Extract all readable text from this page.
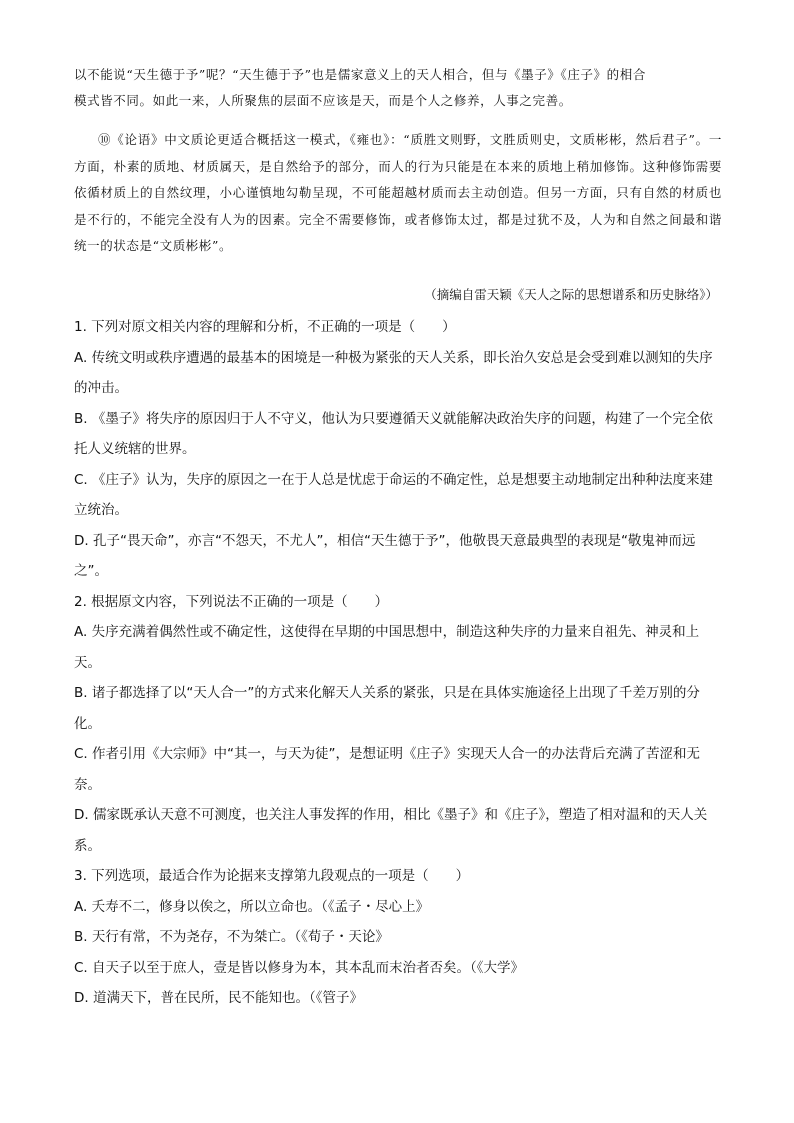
以不能说“天生德于予”呢？“天生德于予”也是儒家意义上的天人相合，但与《墨子》《庄子》的相合

模式皆不同。如此一来，人所聚焦的层面不应该是天，而是个人之修养，人事之完善。

⑩《论语》中文质论更适合概括这一模式，《雍也》：“质胜文则野，文胜质则史，文质彬彬，然后君子”。一方面，朴素的质地、材质属天，是自然给予的部分，而人的行为只能是在本来的质地上稍加修饰。这种修饰需要依循材质上的自然纹理，小心谨慎地勾勒呈现，不可能超越材质而去主动创造。但另一方面，只有自然的材质也是不行的，不能完全没有人为的因素。完全不需要修饰，或者修饰太过，都是过犹不及，人为和自然之间最和谐统一的状态是“文质彬彬”。

（摘编自雷天颖《天人之际的思想谱系和历史脉络》）

1. 下列对原文相关内容的理解和分析，不正确的一项是（　　）

A. 传统文明或秩序遭遇的最基本的困境是一种极为紧张的天人关系，即长治久安总是会受到难以测知的失序的冲击。

B. 《墨子》将失序的原因归于人不守义，他认为只要遵循天义就能解决政治失序的问题，构建了一个完全依托人义统辖的世界。

C. 《庄子》认为，失序的原因之一在于人总是忧虑于命运的不确定性，总是想要主动地制定出种种法度来建立统治。

D. 孔子“畏天命”，亦言“不怨天，不尤人”，相信“天生德于予”，他敬畏天意最典型的表现是“敬鬼神而远之”。

2. 根据原文内容，下列说法不正确的一项是（　　）

A. 失序充满着偶然性或不确定性，这使得在早期的中国思想中，制造这种失序的力量来自祖先、神灵和上天。

B. 诸子都选择了以“天人合一”的方式来化解天人关系的紧张，只是在具体实施途径上出现了千差万别的分化。

C. 作者引用《大宗师》中“其一，与天为徒”，是想证明《庄子》实现天人合一的办法背后充满了苦涩和无奈。

D. 儒家既承认天意不可测度，也关注人事发挥的作用，相比《墨子》和《庄子》，塑造了相对温和的天人关系。

3. 下列选项，最适合作为论据来支撑第九段观点的一项是（　　）

A. 夭寿不二，修身以俟之，所以立命也。（《孟子・尽心上》

B. 天行有常，不为尧存，不为桀亡。（《荀子・天论》

C. 自天子以至于庶人，壹是皆以修身为本，其本乱而末治者否矣。（《大学》

D. 道满天下，普在民所，民不能知也。（《管子》
